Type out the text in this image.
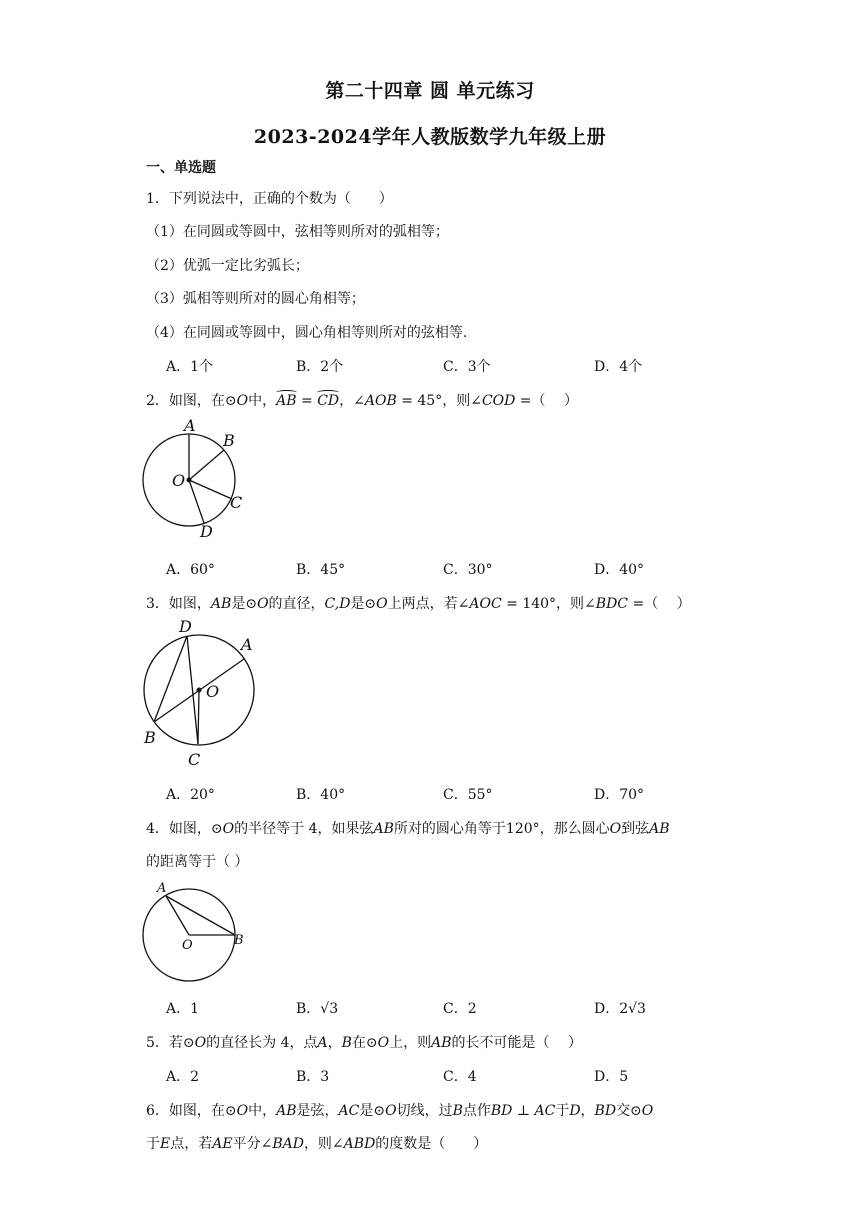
第二十四章 圆 单元练习
2023-2024学年人教版数学九年级上册
一、单选题
1．下列说法中，正确的个数为（　　）
（1）在同圆或等圆中，弦相等则所对的弧相等；
（2）优弧一定比劣弧长；
（3）弧相等则所对的圆心角相等；
（4）在同圆或等圆中，圆心角相等则所对的弦相等.
A．1个	B．2个	C．3个	D．4个
2．如图，在⊙O中，AB = CD，∠AOB = 45°，则∠COD =（　 ）
A
B
O
C
D
A．60°	B．45°	C．30°	D．40°
3．如图，AB是⊙O的直径，C,D是⊙O上两点，若∠AOC = 140°，则∠BDC =（　 ）
D
A
O
B
C
A．20°	B．40°	C．55°	D．70°
4．如图，⊙O的半径等于 4，如果弦AB所对的圆心角等于120°，那么圆心O到弦AB
的距离等于（ ）
A
O	B
A．1	B．√3	C．2	D．2√3
5．若⊙O的直径长为 4，点A，B在⊙O上，则AB的长不可能是（　 ）
A．2	B．3	C．4	D．5
6．如图，在⊙O中，AB是弦，AC是⊙O切线，过B点作BD ⊥ AC于D，BD交⊙O
于E点，若AE平分∠BAD，则∠ABD的度数是（　　）
